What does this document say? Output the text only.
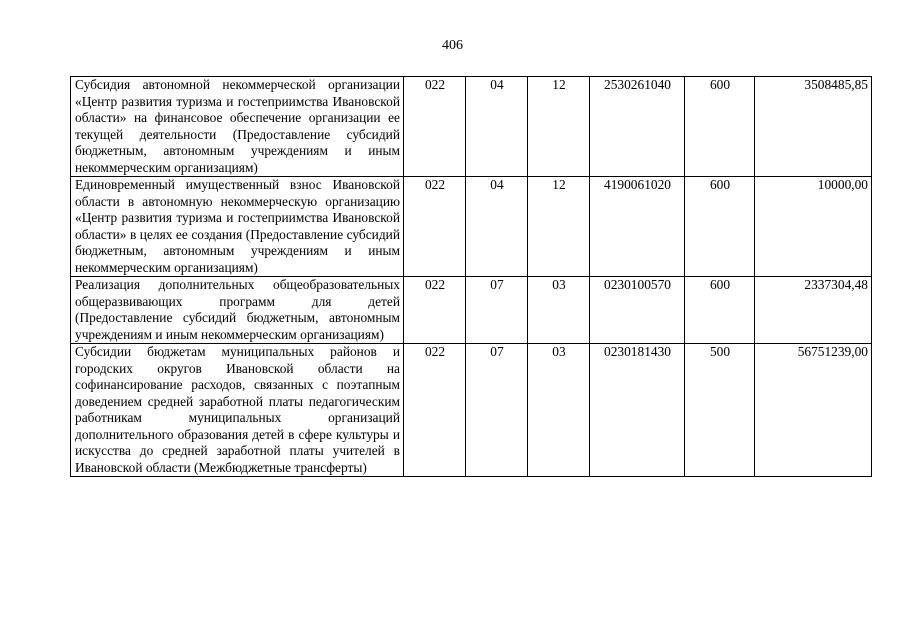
406
Субсидия автономной некоммерческой организации «Центр развития туризма и гостеприимства Ивановской области» на финансовое обеспечение организации ее текущей деятельности (Предоставление субсидий бюджетным, автономным учреждениям и иным некоммерческим организациям)	022	04	12	2530261040	600	3508485,85
Единовременный имущественный взнос Ивановской области в автономную некоммерческую организацию «Центр развития туризма и гостеприимства Ивановской области» в целях ее создания (Предоставление субсидий бюджетным, автономным учреждениям и иным некоммерческим организациям)	022	04	12	4190061020	600	10000,00
Реализация дополнительных общеобразовательных общеразвивающих программ для детей (Предоставление субсидий бюджетным, автономным учреждениям и иным некоммерческим организациям)	022	07	03	0230100570	600	2337304,48
Субсидии бюджетам муниципальных районов и городских округов Ивановской области на софинансирование расходов, связанных с поэтапным доведением средней заработной платы педагогическим работникам муниципальных организаций дополнительного образования детей в сфере культуры и искусства до средней заработной платы учителей в Ивановской области (Межбюджетные трансферты)	022	07	03	0230181430	500	56751239,00
